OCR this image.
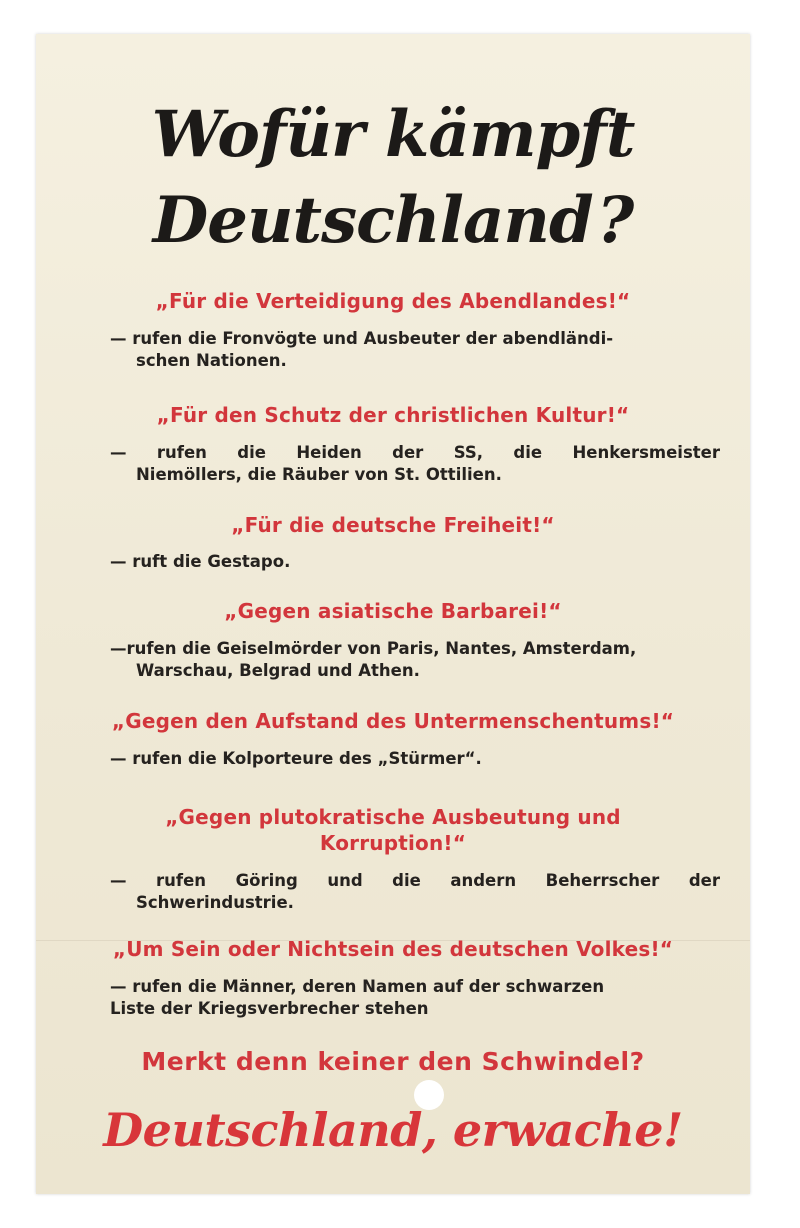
Wofür kämpft
Deutschland?
„Für die Verteidigung des Abendlandes!“
— rufen die Fronvögte und Ausbeuter der abendländi-
schen Nationen.
„Für den Schutz der christlichen Kultur!“
— rufen die Heiden der SS, die Henkersmeister
Niemöllers, die Räuber von St. Ottilien.
„Für die deutsche Freiheit!“
— ruft die Gestapo.
„Gegen asiatische Barbarei!“
—rufen die Geiselmörder von Paris, Nantes, Amsterdam,
Warschau, Belgrad und Athen.
„Gegen den Aufstand des Untermenschentums!“
— rufen die Kolporteure des „Stürmer“.
„Gegen plutokratische Ausbeutung und
Korruption!“
— rufen Göring und die andern Beherrscher der
Schwerindustrie.
„Um Sein oder Nichtsein des deutschen Volkes!“
— rufen die Männer, deren Namen auf der schwarzen
Liste der Kriegsverbrecher stehen
Merkt denn keiner den Schwindel?
Deutschland, erwache!
